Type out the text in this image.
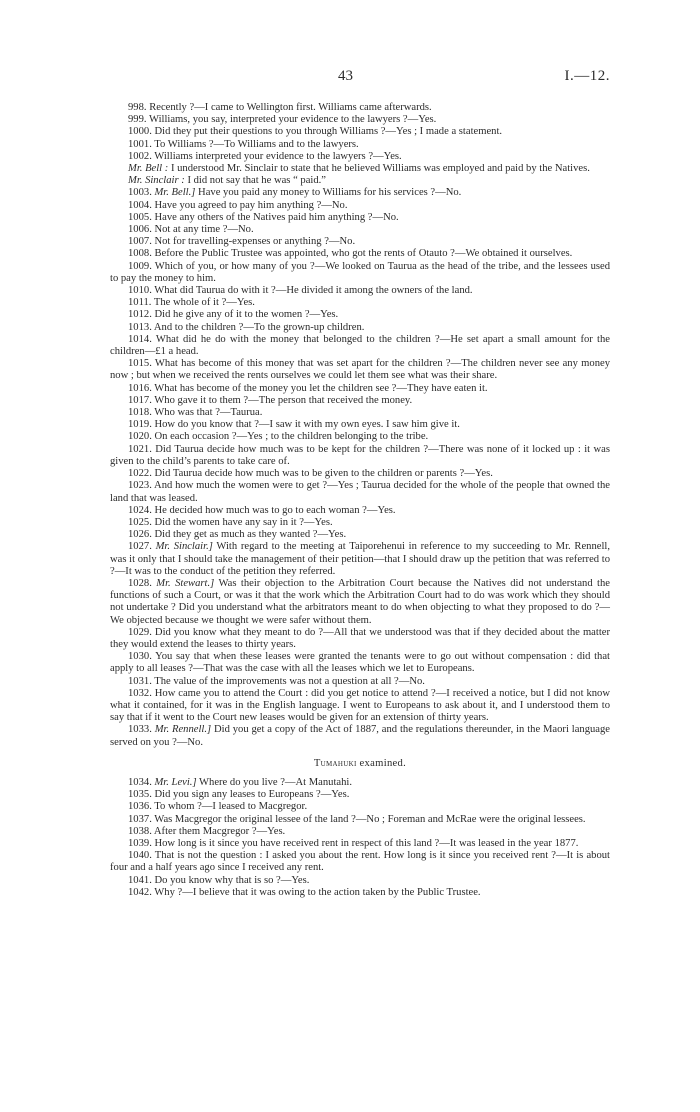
43	I.—12.

998. Recently ?—I came to Wellington first. Williams came afterwards.

999. Williams, you say, interpreted your evidence to the lawyers ?—Yes.

1000. Did they put their questions to you through Williams ?—Yes ; I made a statement.

1001. To Williams ?—To Williams and to the lawyers.

1002. Williams interpreted your evidence to the lawyers ?—Yes.

Mr. Bell : I understood Mr. Sinclair to state that he believed Williams was employed and paid by the Natives.

Mr. Sinclair : I did not say that he was “ paid.”

1003. Mr. Bell.] Have you paid any money to Williams for his services ?—No.

1004. Have you agreed to pay him anything ?—No.

1005. Have any others of the Natives paid him anything ?—No.

1006. Not at any time ?—No.

1007. Not for travelling-expenses or anything ?—No.

1008. Before the Public Trustee was appointed, who got the rents of Otauto ?—We obtained it ourselves.

1009. Which of you, or how many of you ?—We looked on Taurua as the head of the tribe, and the lessees used to pay the money to him.

1010. What did Taurua do with it ?—He divided it among the owners of the land.

1011. The whole of it ?—Yes.

1012. Did he give any of it to the women ?—Yes.

1013. And to the children ?—To the grown-up children.

1014. What did he do with the money that belonged to the children ?—He set apart a small amount for the children—£1 a head.

1015. What has become of this money that was set apart for the children ?—The children never see any money now ; but when we received the rents ourselves we could let them see what was their share.

1016. What has become of the money you let the children see ?—They have eaten it.

1017. Who gave it to them ?—The person that received the money.

1018. Who was that ?—Taurua.

1019. How do you know that ?—I saw it with my own eyes. I saw him give it.

1020. On each occasion ?—Yes ; to the children belonging to the tribe.

1021. Did Taurua decide how much was to be kept for the children ?—There was none of it locked up : it was given to the child’s parents to take care of.

1022. Did Taurua decide how much was to be given to the children or parents ?—Yes.

1023. And how much the women were to get ?—Yes ; Taurua decided for the whole of the people that owned the land that was leased.

1024. He decided how much was to go to each woman ?—Yes.

1025. Did the women have any say in it ?—Yes.

1026. Did they get as much as they wanted ?—Yes.

1027. Mr. Sinclair.] With regard to the meeting at Taiporehenui in reference to my succeeding to Mr. Rennell, was it only that I should take the management of their petition—that I should draw up the petition that was referred to ?—It was to the conduct of the petition they referred.

1028. Mr. Stewart.] Was their objection to the Arbitration Court because the Natives did not understand the functions of such a Court, or was it that the work which the Arbitration Court had to do was work which they should not undertake ? Did you understand what the arbitrators meant to do when objecting to what they proposed to do ?—We objected because we thought we were safer without them.

1029. Did you know what they meant to do ?—All that we understood was that if they decided about the matter they would extend the leases to thirty years.

1030. You say that when these leases were granted the tenants were to go out without compensation : did that apply to all leases ?—That was the case with all the leases which we let to Europeans.

1031. The value of the improvements was not a question at all ?—No.

1032. How came you to attend the Court : did you get notice to attend ?—I received a notice, but I did not know what it contained, for it was in the English language. I went to Europeans to ask about it, and I understood them to say that if it went to the Court new leases would be given for an extension of thirty years.

1033. Mr. Rennell.] Did you get a copy of the Act of 1887, and the regulations thereunder, in the Maori language served on you ?—No.

Tumahuki examined.

1034. Mr. Levi.] Where do you live ?—At Manutahi.

1035. Did you sign any leases to Europeans ?—Yes.

1036. To whom ?—I leased to Macgregor.

1037. Was Macgregor the original lessee of the land ?—No ; Foreman and McRae were the original lessees.

1038. After them Macgregor ?—Yes.

1039. How long is it since you have received rent in respect of this land ?—It was leased in the year 1877.

1040. That is not the question : I asked you about the rent. How long is it since you received rent ?—It is about four and a half years ago since I received any rent.

1041. Do you know why that is so ?—Yes.

1042. Why ?—I believe that it was owing to the action taken by the Public Trustee.
